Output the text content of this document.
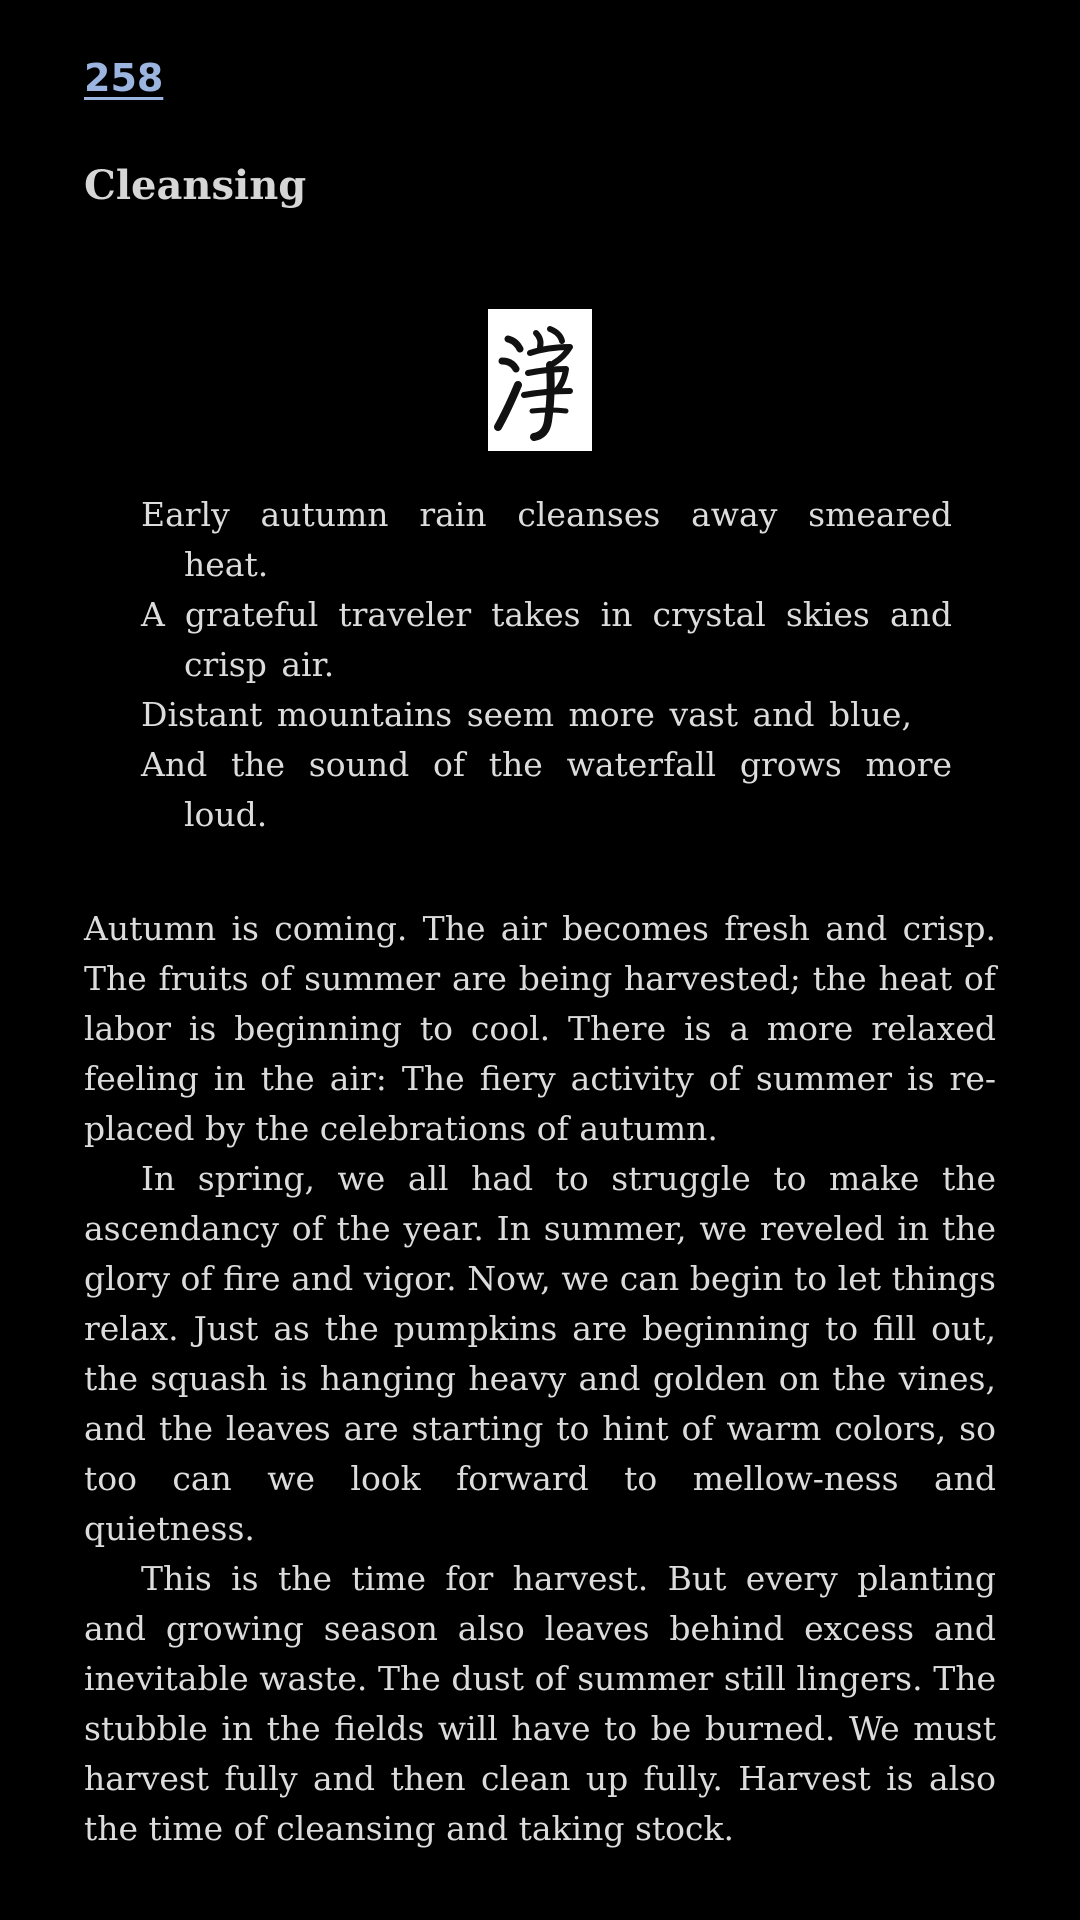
258
Cleansing
Early autumn rain cleanses away smeared heat.
A grateful traveler takes in crystal skies and crisp air.
Distant mountains seem more vast and blue,
And the sound of the waterfall grows more loud.

Autumn is coming. The air becomes fresh and crisp. The fruits of summer are being harvested; the heat of labor is beginning to cool. There is a more relaxed feeling in the air: The fiery activity of summer is re-placed by the celebrations of autumn.

In spring, we all had to struggle to make the ascendancy of the year. In summer, we reveled in the glory of fire and vigor. Now, we can begin to let things relax. Just as the pumpkins are beginning to fill out, the squash is hanging heavy and golden on the vines, and the leaves are starting to hint of warm colors, so too can we look forward to mellow-ness and quietness.

This is the time for harvest. But every planting and growing season also leaves behind excess and inevitable waste. The dust of summer still lingers. The stubble in the fields will have to be burned. We must harvest fully and then clean up fully. Harvest is also the time of cleansing and taking stock.
